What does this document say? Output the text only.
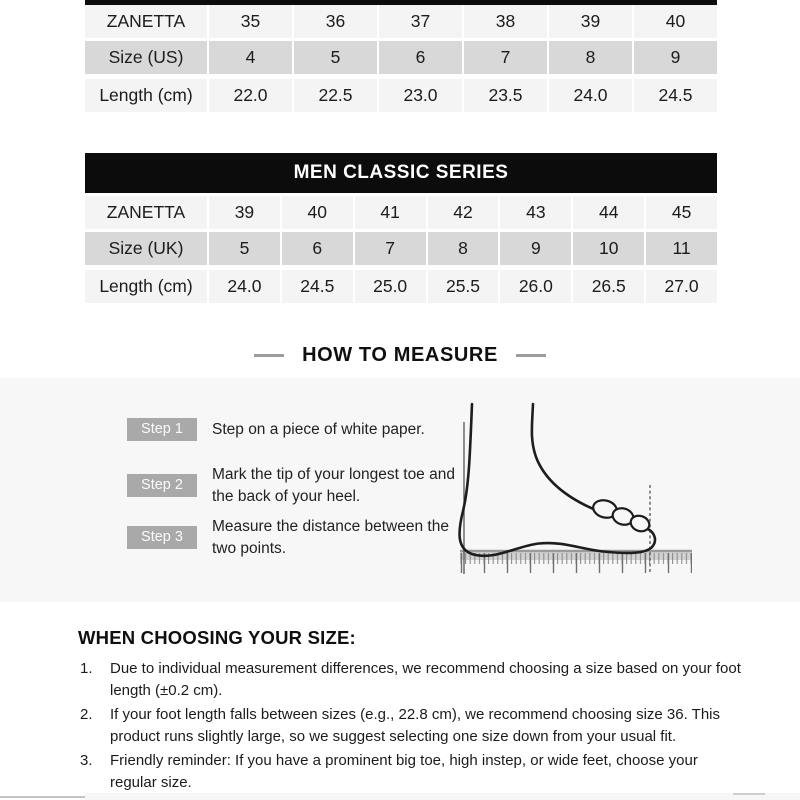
ZANETTA	35	36	37	38	39	40
Size (US)	4	5	6	7	8	9
Length (cm)	22.0	22.5	23.0	23.5	24.0	24.5
MEN CLASSIC SERIES
ZANETTA	39	40	41	42	43	44	45
Size (UK)	5	6	7	8	9	10	11
Length (cm)	24.0	24.5	25.0	25.5	26.0	26.5	27.0
HOW TO MEASURE
Step 1	Step on a piece of white paper.
Step 2
Mark the tip of your longest toe and the back of your heel.
Step 3
Measure the distance between the two points.
WHEN CHOOSING YOUR SIZE:
1.	Due to individual measurement differences, we recommend choosing a size based on your foot length (±0.2 cm).
2.	If your foot length falls between sizes (e.g., 22.8 cm), we recommend choosing size 36. This product runs slightly large, so we suggest selecting one size down from your usual fit.
3.	Friendly reminder: If you have a prominent big toe, high instep, or wide feet, choose your regular size.
